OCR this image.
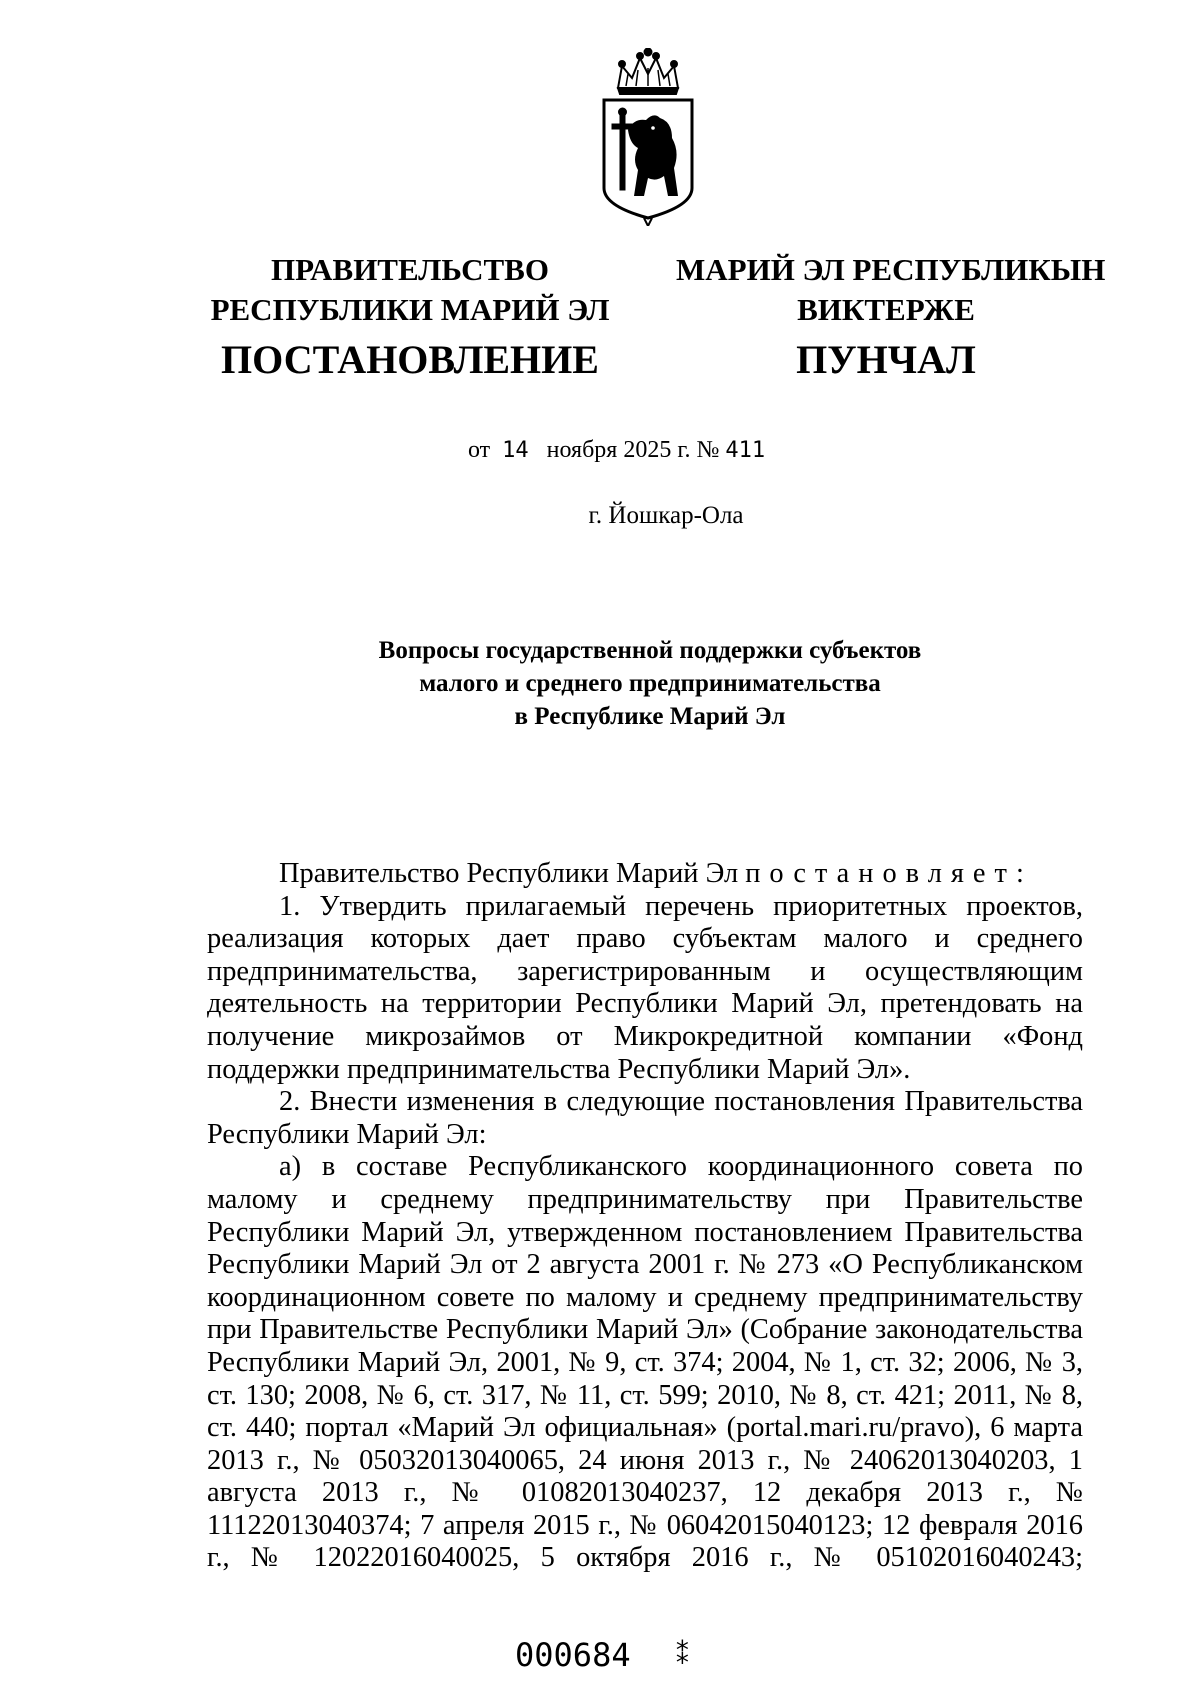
ПРАВИТЕЛЬСТВО
РЕСПУБЛИКИ МАРИЙ ЭЛ
ПОСТАНОВЛЕНИЕ
МАРИЙ ЭЛ РЕСПУБЛИКЫН
ВИКТЕРЖЕ
ПУНЧАЛ
от 14 ноября 2025 г. № 411
г. Йошкар-Ола
Вопросы государственной поддержки субъектов
малого и среднего предпринимательства
в Республике Марий Эл

Правительство Республики Марий Эл постановляет:

1. Утвердить прилагаемый перечень приоритетных проектов, реализация которых дает право субъектам малого и среднего предпринимательства, зарегистрированным и осуществляющим деятельность на территории Республики Марий Эл, претендовать на получение микрозаймов от Микрокредитной компании «Фонд поддержки предпринимательства Республики Марий Эл».

2. Внести изменения в следующие постановления Правительства Республики Марий Эл:

а) в составе Республиканского координационного совета по малому и среднему предпринимательству при Правительстве Республики Марий Эл, утвержденном постановлением Правительства Республики Марий Эл от 2 августа 2001 г. № 273 «О Республиканском координационном совете по малому и среднему предпринимательству при Правительстве Республики Марий Эл» (Собрание законодательства Республики Марий Эл, 2001, № 9, ст. 374; 2004, № 1, ст. 32; 2006, № 3, ст. 130; 2008, № 6, ст. 317, № 11, ст. 599; 2010, № 8, ст. 421; 2011, № 8, ст. 440; портал «Марий Эл официальная» (portal.mari.ru/pravo), 6 марта 2013 г., № 05032013040065, 24 июня 2013 г., № 24062013040203, 1 августа 2013 г., № 01082013040237, 12 декабря 2013 г., № 11122013040374; 7 апреля 2015 г., № 06042015040123; 12 февраля 2016 г., № 12022016040025, 5 октября 2016 г., № 05102016040243;

000684 ⁑
